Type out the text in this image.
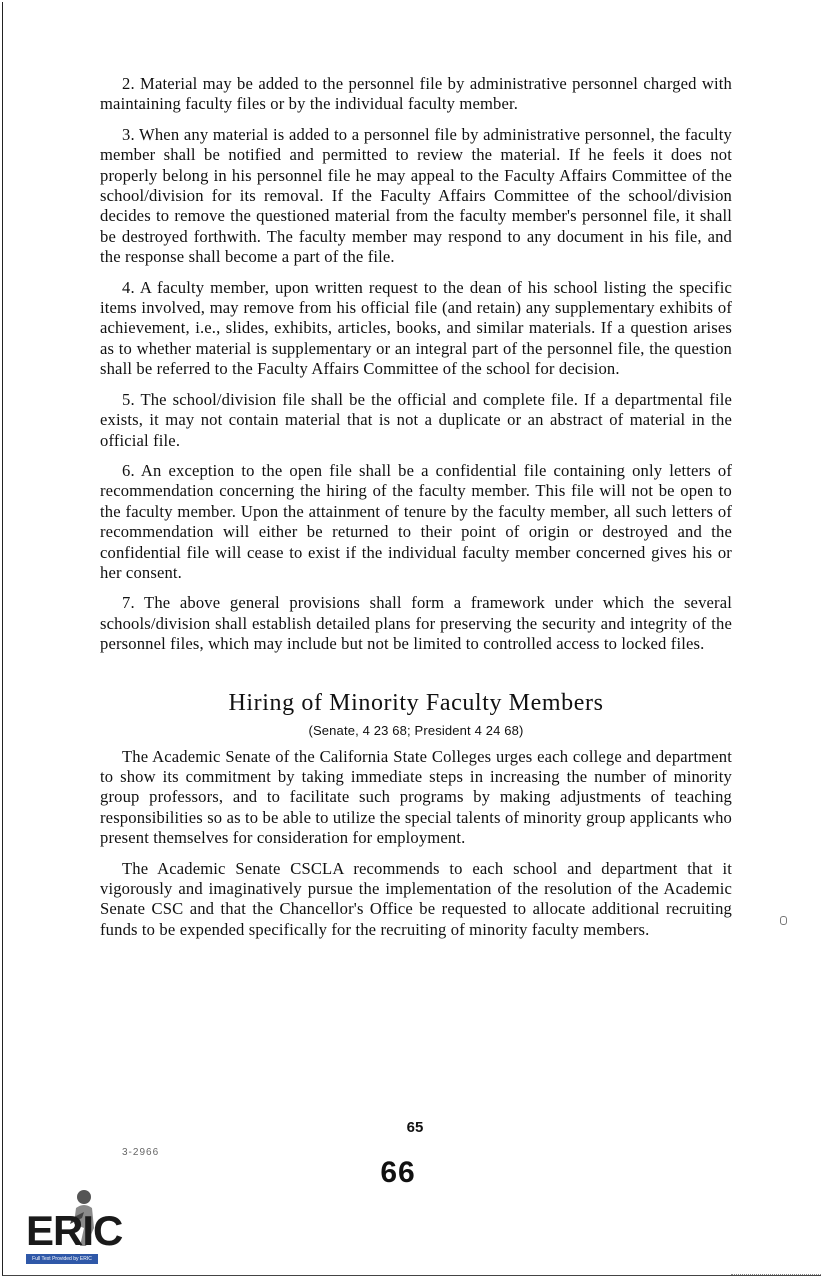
2. Material may be added to the personnel file by administrative personnel charged with maintaining faculty files or by the individual faculty member.

3. When any material is added to a personnel file by administrative personnel, the faculty member shall be notified and permitted to review the material. If he feels it does not properly belong in his personnel file he may appeal to the Faculty Affairs Committee of the school/division for its removal. If the Faculty Affairs Committee of the school/division decides to remove the questioned material from the faculty member's personnel file, it shall be destroyed forthwith. The faculty member may respond to any document in his file, and the response shall become a part of the file.

4. A faculty member, upon written request to the dean of his school listing the specific items involved, may remove from his official file (and retain) any supplementary exhibits of achievement, i.e., slides, exhibits, articles, books, and similar materials. If a question arises as to whether material is supplementary or an integral part of the personnel file, the question shall be referred to the Faculty Affairs Committee of the school for decision.

5. The school/division file shall be the official and complete file. If a departmental file exists, it may not contain material that is not a duplicate or an abstract of material in the official file.

6. An exception to the open file shall be a confidential file containing only letters of recommendation concerning the hiring of the faculty member. This file will not be open to the faculty member. Upon the attainment of tenure by the faculty member, all such letters of recommendation will either be returned to their point of origin or destroyed and the confidential file will cease to exist if the individual faculty member concerned gives his or her consent.

7. The above general provisions shall form a framework under which the several schools/division shall establish detailed plans for preserving the security and integrity of the personnel files, which may include but not be limited to controlled access to locked files.

Hiring of Minority Faculty Members
(Senate, 4 23 68; President 4 24 68)

The Academic Senate of the California State Colleges urges each college and department to show its commitment by taking immediate steps in increasing the number of minority group professors, and to facilitate such programs by making adjustments of teaching responsibilities so as to be able to utilize the special talents of minority group applicants who present themselves for consideration for employment.

The Academic Senate CSCLA recommends to each school and department that it vigorously and imaginatively pursue the implementation of the resolution of the Academic Senate CSC and that the Chancellor's Office be requested to allocate additional recruiting funds to be expended specifically for the recruiting of minority faculty members.

65
3-2966
66
ERIC
Full Text Provided by ERIC
